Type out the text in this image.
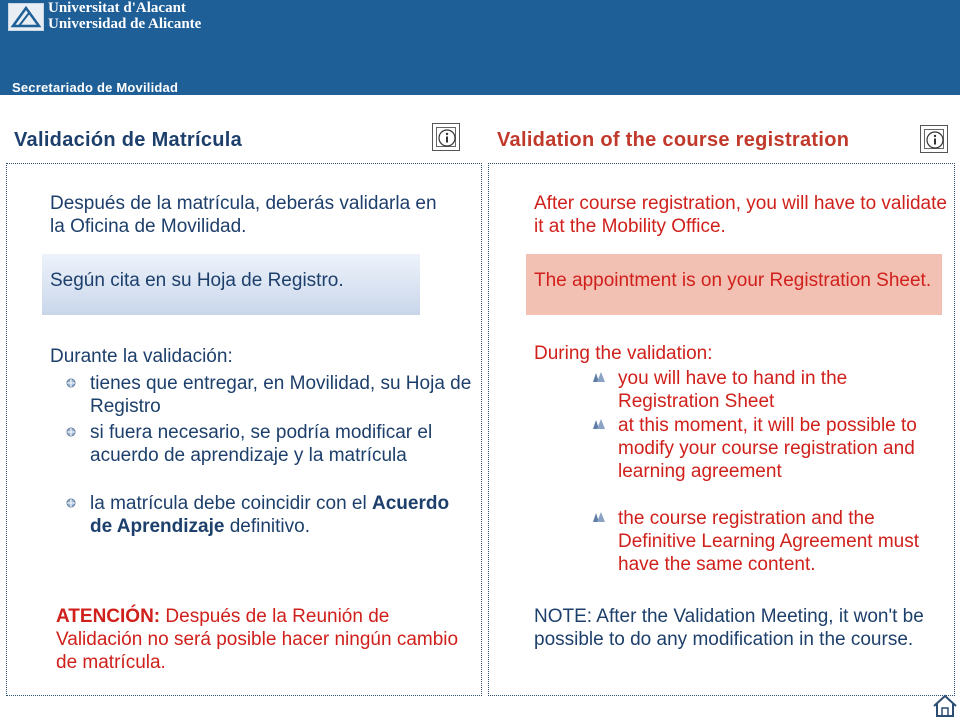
Universitat d'Alacant
Universidad de Alicante
Secretariado de Movilidad
Validación de Matrícula	Validation of the course registration
Después de la matrícula, deberás validarla en la Oficina de Movilidad.
Según cita en su Hoja de Registro.
Durante la validación:
tienes que entregar, en Movilidad, su Hoja de Registro
si fuera necesario, se podría modificar el acuerdo de aprendizaje y la matrícula
la matrícula debe coincidir con el Acuerdo de Aprendizaje definitivo.
ATENCIÓN: Después de la Reunión de Validación no será posible hacer ningún cambio de matrícula.
After course registration, you will have to validate it at the Mobility Office.
The appointment is on your Registration Sheet.
During the validation:
you will have to hand in the Registration Sheet
at this moment, it will be possible to modify your course registration and learning agreement
the course registration and the Definitive Learning Agreement must have the same content.
NOTE: After the Validation Meeting, it won't be possible to do any modification in the course.
